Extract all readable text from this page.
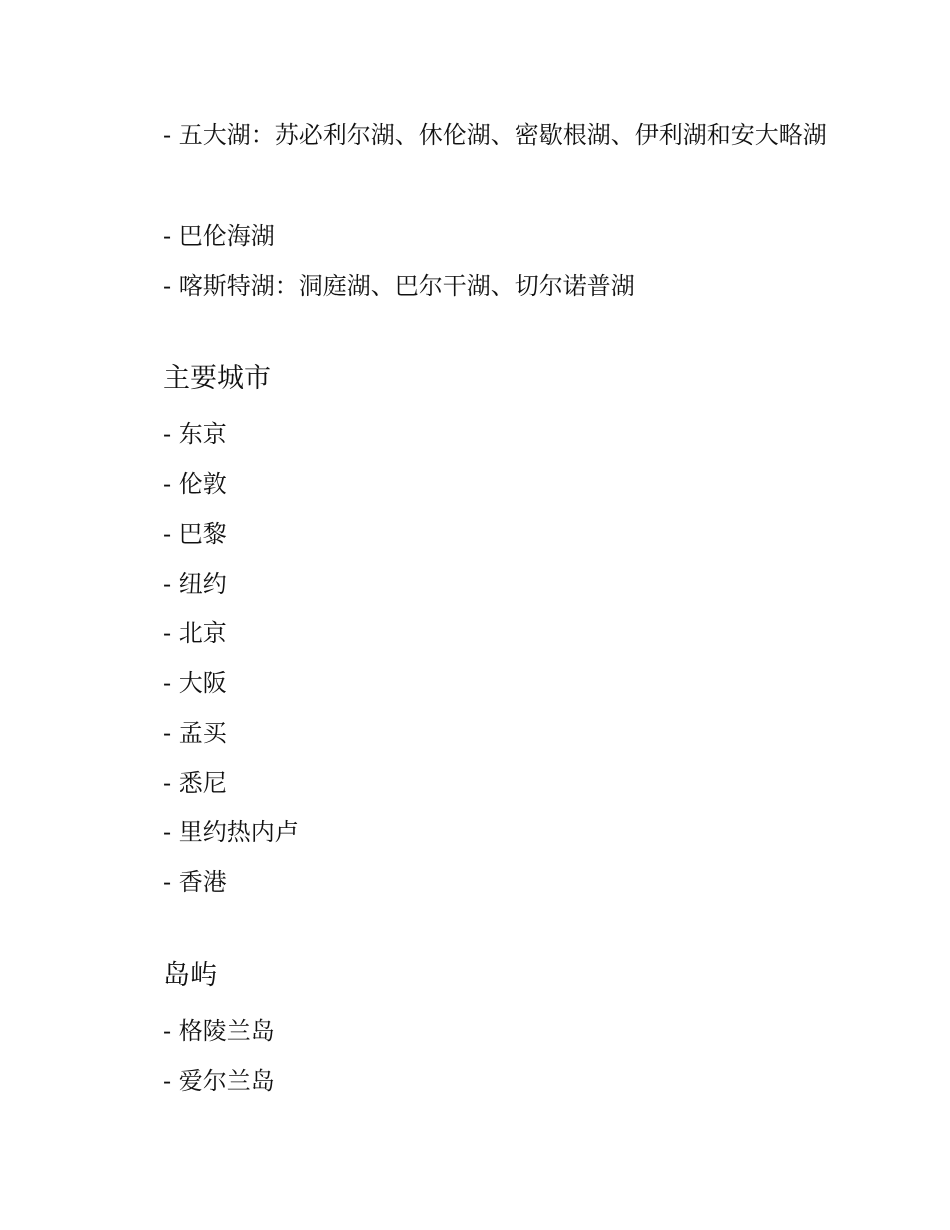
- 五大湖：苏必利尔湖、休伦湖、密歇根湖、伊利湖和安大略湖

- 巴伦海湖

- 喀斯特湖：洞庭湖、巴尔干湖、切尔诺普湖

主要城市

- 东京

- 伦敦

- 巴黎

- 纽约

- 北京

- 大阪

- 孟买

- 悉尼

- 里约热内卢

- 香港

岛屿

- 格陵兰岛

- 爱尔兰岛
